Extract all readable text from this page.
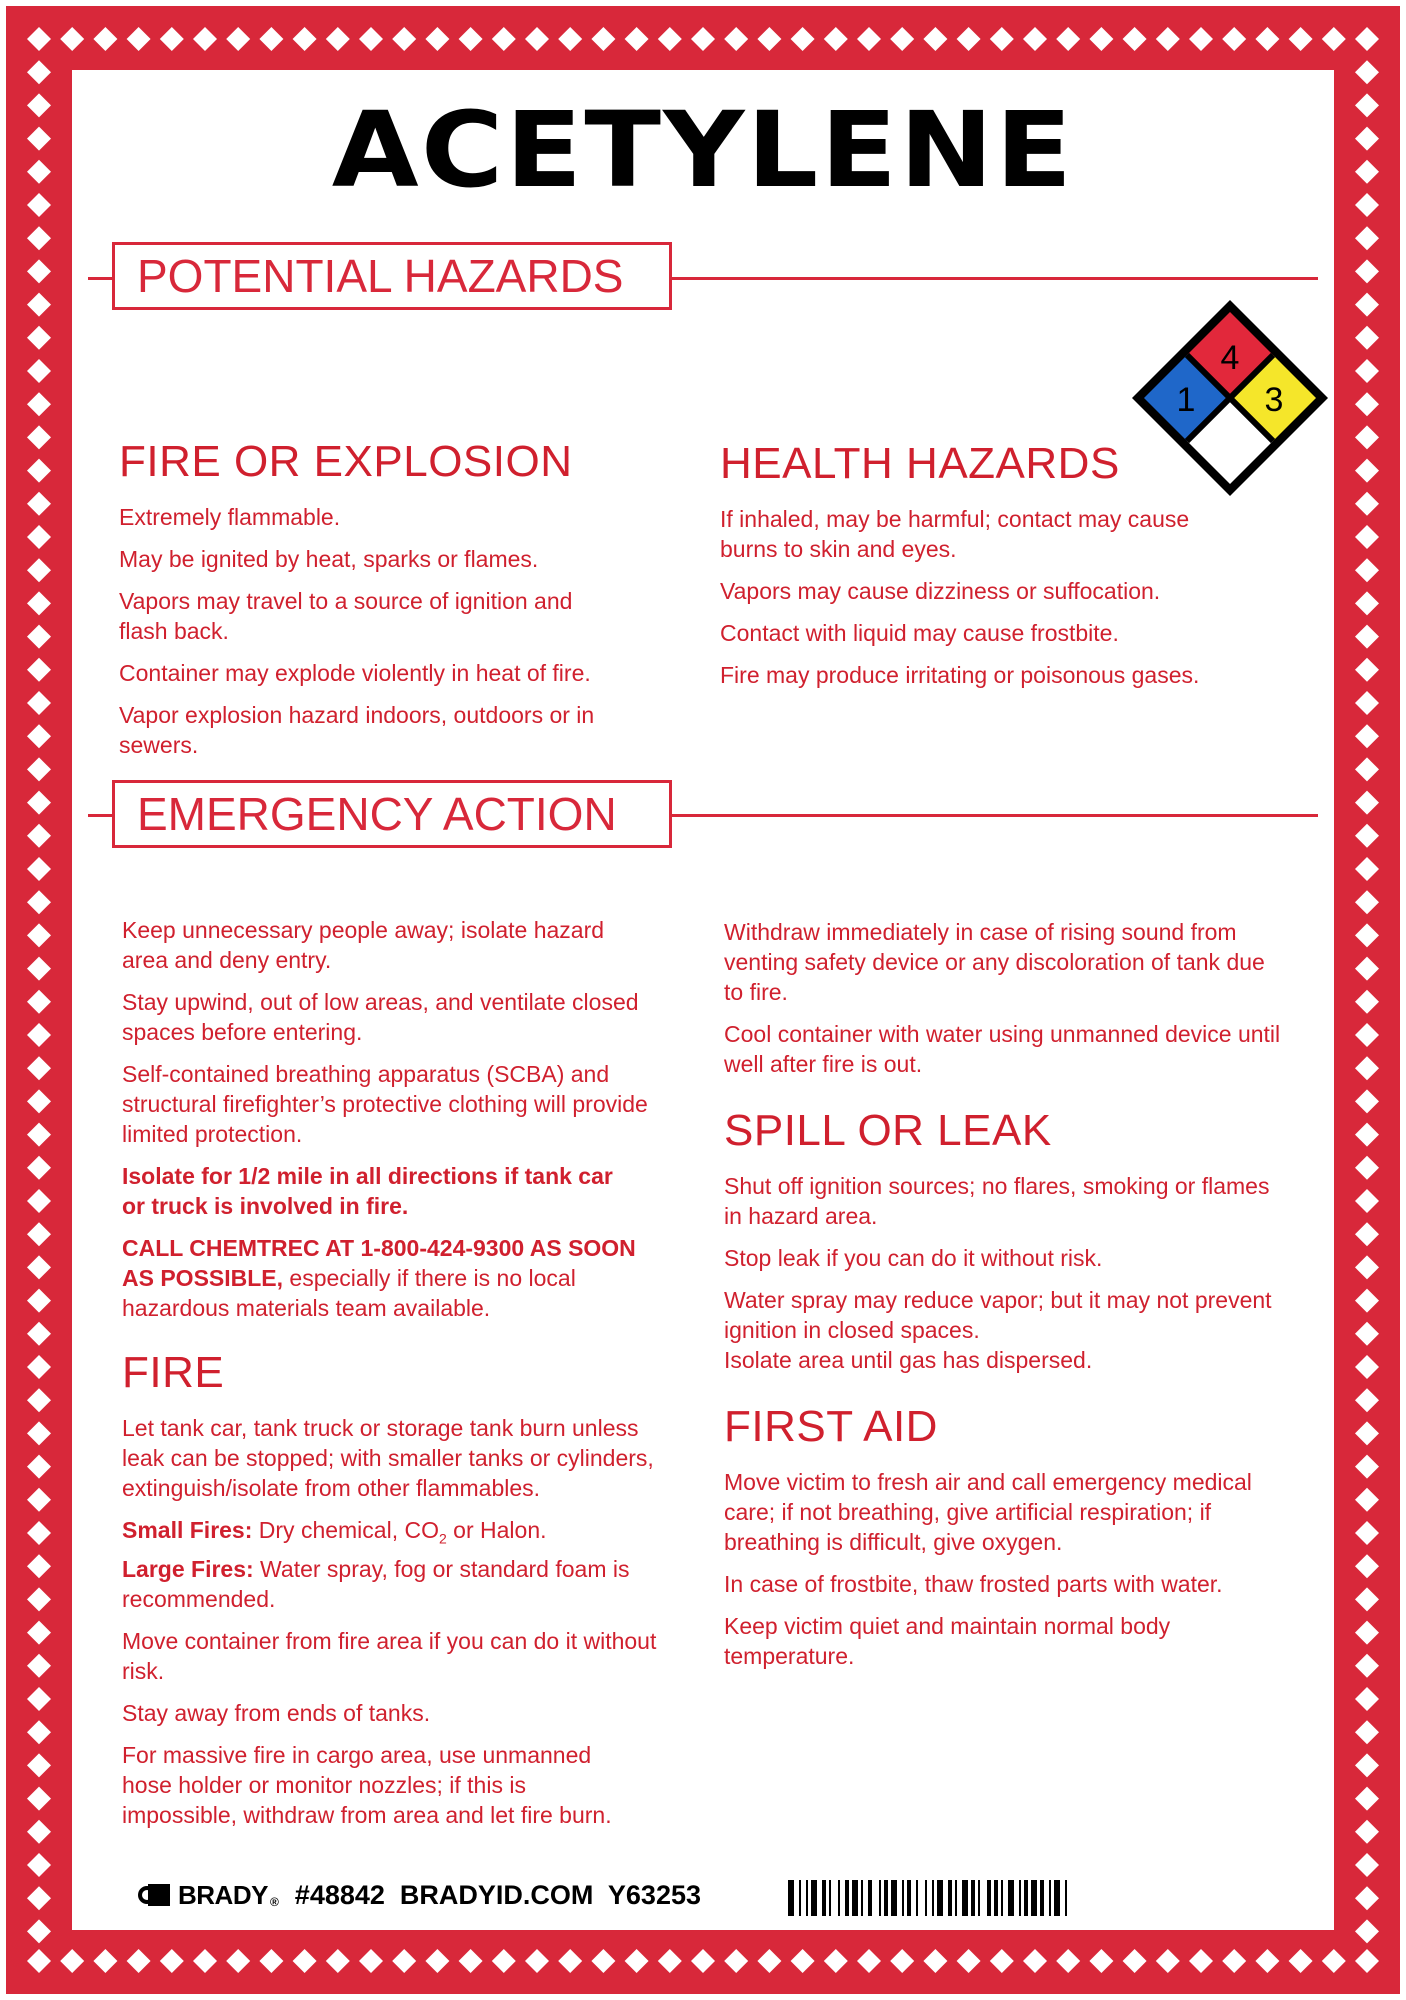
ACETYLENE
POTENTIAL HAZARDS
4
1 3
FIRE OR EXPLOSION
Extremely flammable.
May be ignited by heat, sparks or flames.
Vapors may travel to a source of ignition and flash back.
Container may explode violently in heat of fire.
Vapor explosion hazard indoors, outdoors or in sewers.
HEALTH HAZARDS
If inhaled, may be harmful; contact may cause burns to skin and eyes.
Vapors may cause dizziness or suffocation.
Contact with liquid may cause frostbite.
Fire may produce irritating or poisonous gases.
EMERGENCY ACTION
Keep unnecessary people away; isolate hazard area and deny entry.
Stay upwind, out of low areas, and ventilate closed spaces before entering.
Self-contained breathing apparatus (SCBA) and structural firefighter’s protective clothing will provide limited protection.
Isolate for 1/2 mile in all directions if tank car or truck is involved in fire.
CALL CHEMTREC AT 1-800-424-9300 AS SOON AS POSSIBLE, especially if there is no local hazardous materials team available.
FIRE
Let tank car, tank truck or storage tank burn unless leak can be stopped; with smaller tanks or cylinders, extinguish/isolate from other flammables.
Small Fires: Dry chemical, $CO_2$ or Halon.
Large Fires: Water spray, fog or standard foam is recommended.
Move container from fire area if you can do it without risk.
Stay away from ends of tanks.
For massive fire in cargo area, use unmanned hose holder or monitor nozzles; if this is impossible, withdraw from area and let fire burn.
Withdraw immediately in case of rising sound from venting safety device or any discoloration of tank due to fire.
Cool container with water using unmanned device until well after fire is out.
SPILL OR LEAK
Shut off ignition sources; no flares, smoking or flames in hazard area.
Stop leak if you can do it without risk.
Water spray may reduce vapor; but it may not prevent ignition in closed spaces.
Isolate area until gas has dispersed.
FIRST AID
Move victim to fresh air and call emergency medical care; if not breathing, give artificial respiration; if breathing is difficult, give oxygen.
In case of frostbite, thaw frosted parts with water.
Keep victim quiet and maintain normal body temperature.
BRADY ® #48842  BRADYID.COM  Y63253
